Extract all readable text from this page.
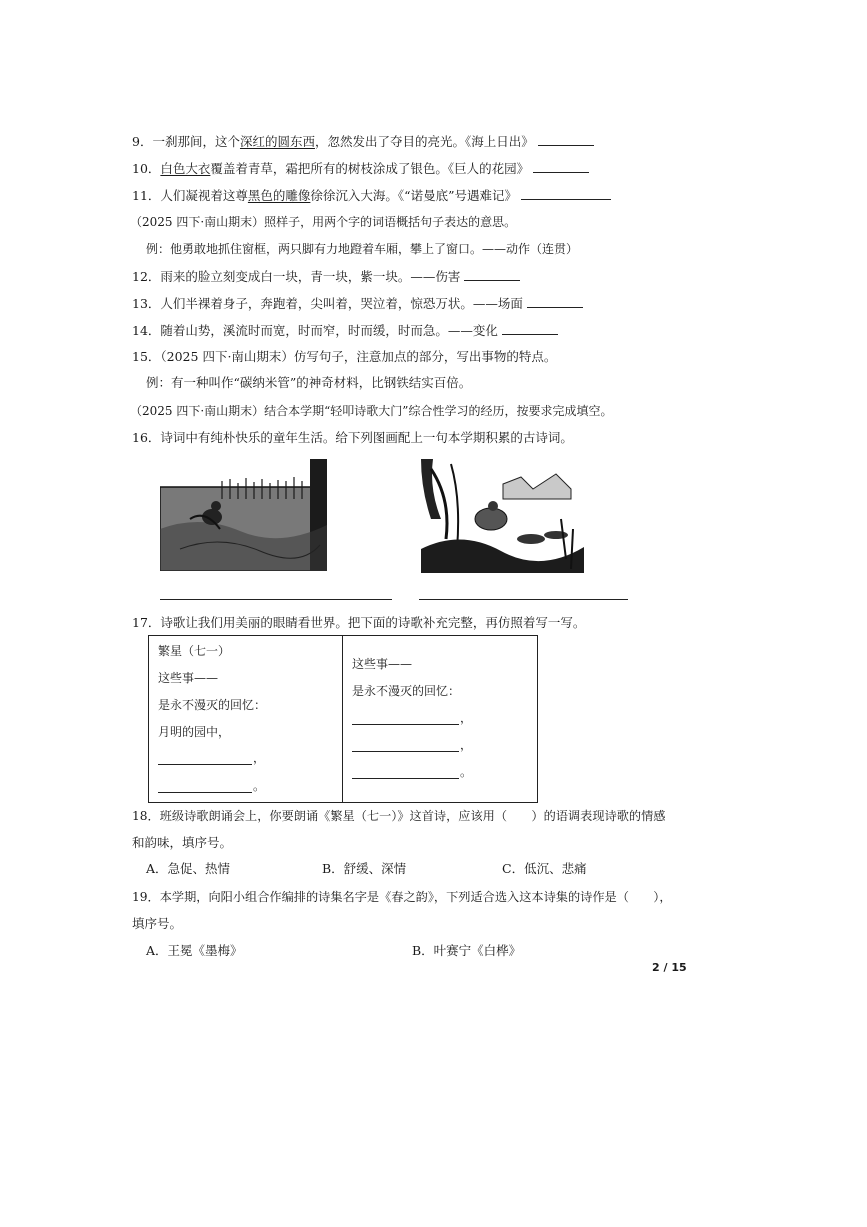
9．一刹那间，这个深红的圆东西，忽然发出了夺目的亮光。《海上日出》
10．白色大衣覆盖着青草，霜把所有的树枝涂成了银色。《巨人的花园》
11．人们凝视着这尊黑色的雕像徐徐沉入大海。《“诺曼底”号遇难记》
（2025 四下·南山期末）照样子，用两个字的词语概括句子表达的意思。
例：他勇敢地抓住窗框，两只脚有力地蹬着车厢，攀上了窗口。——动作（连贯）
12．雨来的脸立刻变成白一块，青一块，紫一块。——伤害
13．人们半裸着身子，奔跑着，尖叫着，哭泣着，惊恐万状。——场面
14．随着山势，溪流时而宽，时而窄，时而缓，时而急。——变化
15．（2025 四下·南山期末）仿写句子，注意加点的部分，写出事物的特点。
例：有一种叫作“碳纳米管”的神奇材料，比钢铁结实百倍。
（2025 四下·南山期末）结合本学期“轻叩诗歌大门”综合性学习的经历，按要求完成填空。
16．诗词中有纯朴快乐的童年生活。给下列图画配上一句本学期积累的古诗词。
17．诗歌让我们用美丽的眼睛看世界。把下面的诗歌补充完整，再仿照着写一写。
繁星（七一）
这些事——
是永不漫灭的回忆：
月明的园中，
，
。
这些事——
是永不漫灭的回忆：
，
，
。
18．班级诗歌朗诵会上，你要朗诵《繁星（七一）》这首诗，应该用（　　）的语调表现诗歌的情感
和韵味，填序号。
A．急促、热情	B．舒缓、深情	C．低沉、悲痛
19．本学期，向阳小组合作编排的诗集名字是《春之韵》，下列适合选入这本诗集的诗作是（　　），
填序号。
A．王冕《墨梅》	B．叶赛宁《白桦》
2 / 15
